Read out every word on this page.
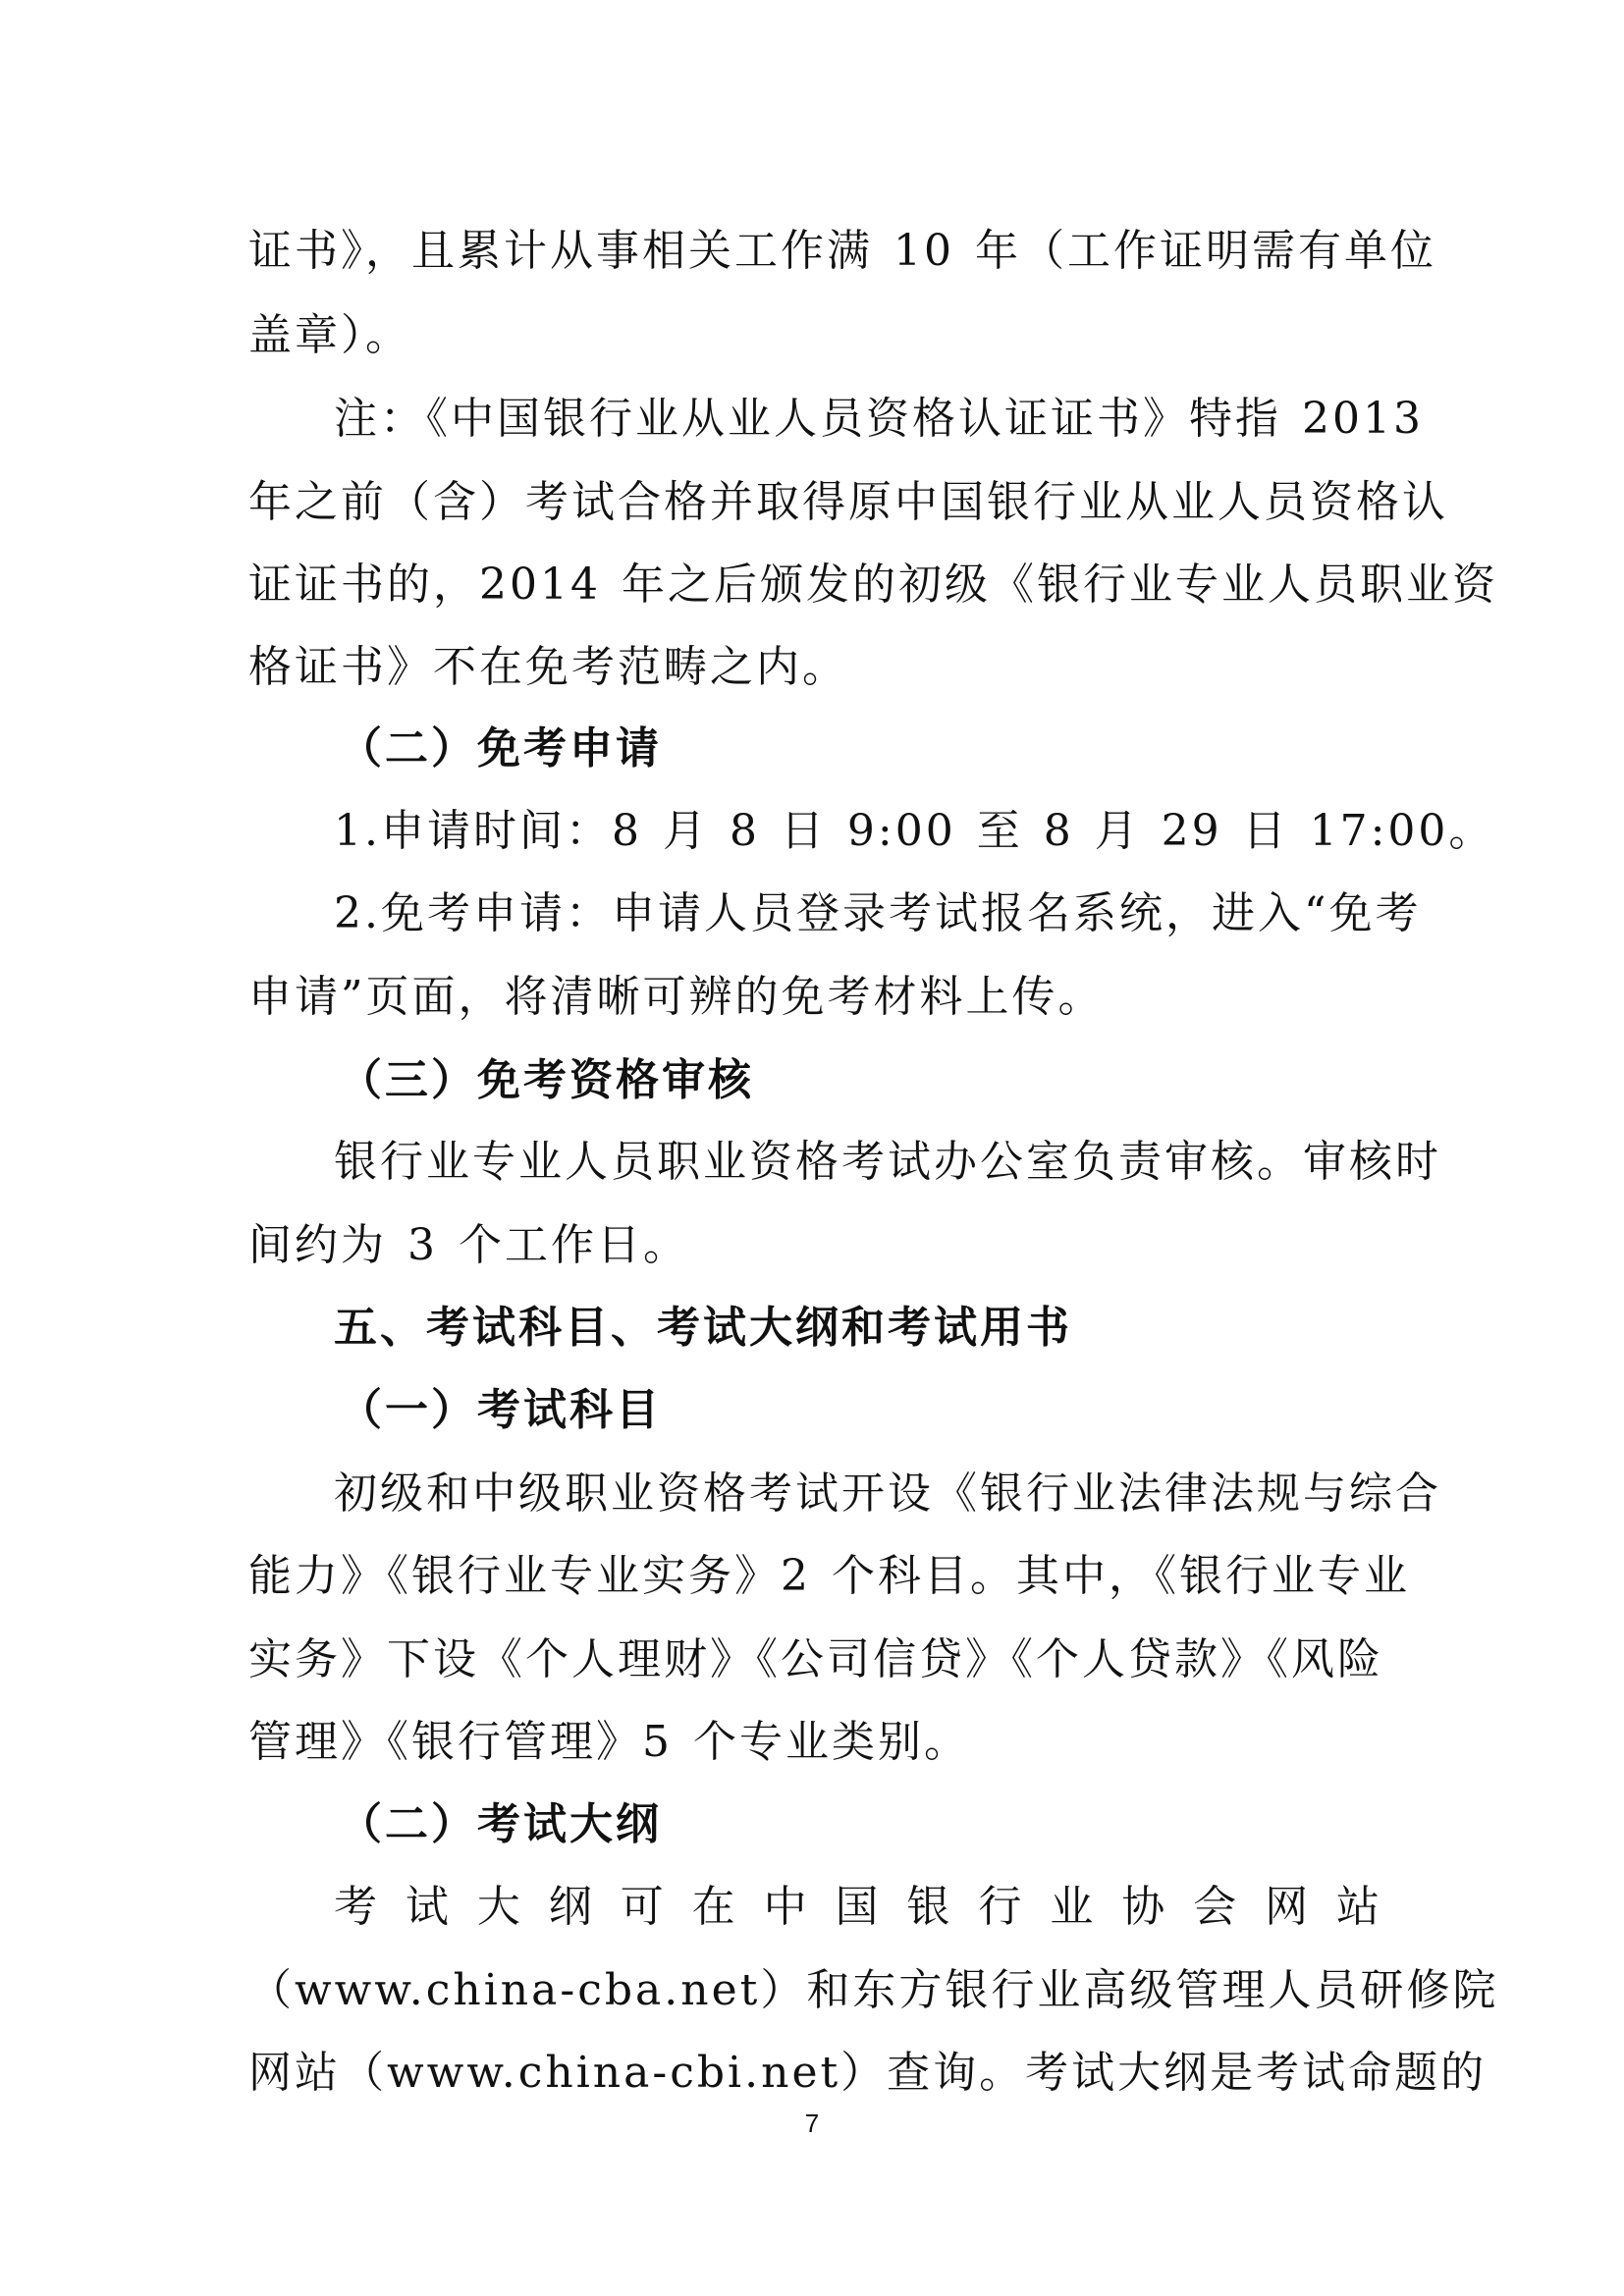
证书》，且累计从事相关工作满 10 年（工作证明需有单位
盖章）。
注：《中国银行业从业人员资格认证证书》特指 2013
年之前（含）考试合格并取得原中国银行业从业人员资格认
证证书的，2014 年之后颁发的初级《银行业专业人员职业资
格证书》不在免考范畴之内。
（二）免考申请
1.申请时间：8 月 8 日 9:00 至 8 月 29 日 17:00。
2.免考申请：申请人员登录考试报名系统，进入“免考
申请”页面，将清晰可辨的免考材料上传。
（三）免考资格审核
银行业专业人员职业资格考试办公室负责审核。审核时
间约为 3 个工作日。
五、考试科目、考试大纲和考试用书
（一）考试科目
初级和中级职业资格考试开设《银行业法律法规与综合
能力》《银行业专业实务》2 个科目。其中，《银行业专业
实务》下设《个人理财》《公司信贷》《个人贷款》《风险
管理》《银行管理》5 个专业类别。
（二）考试大纲
考 试 大 纲 可 在 中 国 银 行 业 协 会 网 站
（www.china-cba.net）和东方银行业高级管理人员研修院
网站（www.china-cbi.net）查询。考试大纲是考试命题的
7
